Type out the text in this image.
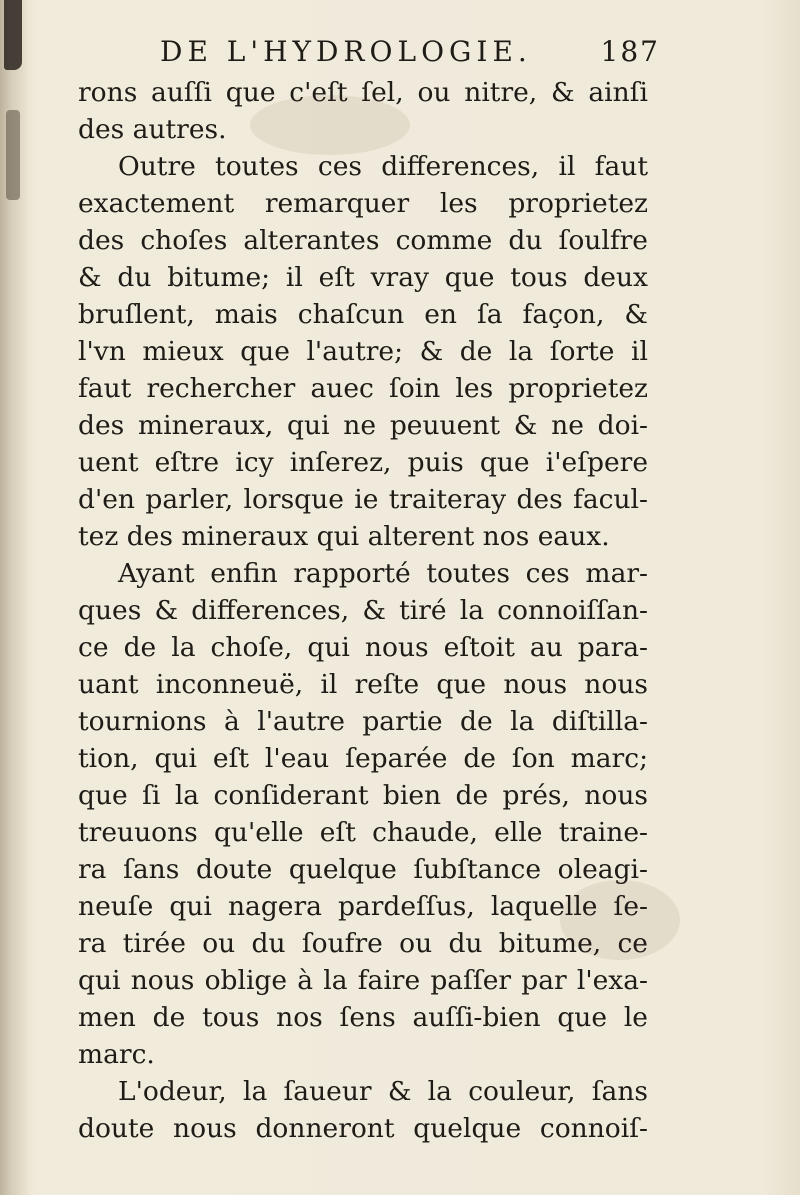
DE L'HYDROLOGIE. 187
rons auſſi que c'eſt ſel, ou nitre, & ainſi
des autres.
Outre toutes ces differences, il faut
exactement remarquer les proprietez
des choſes alterantes comme du ſoulfre
& du bitume; il eſt vray que tous deux
bruſlent, mais chaſcun en ſa façon, &
l'vn mieux que l'autre; & de la ſorte il
faut rechercher auec ſoin les proprietez
des mineraux, qui ne peuuent & ne doi-
uent eſtre icy inſerez, puis que i'eſpere
d'en parler, lorsque ie traiteray des facul-
tez des mineraux qui alterent nos eaux.
Ayant enfin rapporté toutes ces mar-
ques & differences, & tiré la connoiſſan-
ce de la choſe, qui nous eſtoit au para-
uant inconneuë, il reſte que nous nous
tournions à l'autre partie de la diſtilla-
tion, qui eſt l'eau ſeparée de ſon marc;
que ſi la conſiderant bien de prés, nous
treuuons qu'elle eſt chaude, elle traine-
ra ſans doute quelque ſubſtance oleagi-
neuſe qui nagera pardeſſus, laquelle ſe-
ra tirée ou du ſoufre ou du bitume, ce
qui nous oblige à la faire paſſer par l'exa-
men de tous nos ſens auſſi-bien que le
marc.
L'odeur, la ſaueur & la couleur, ſans
doute nous donneront quelque connoiſ-
